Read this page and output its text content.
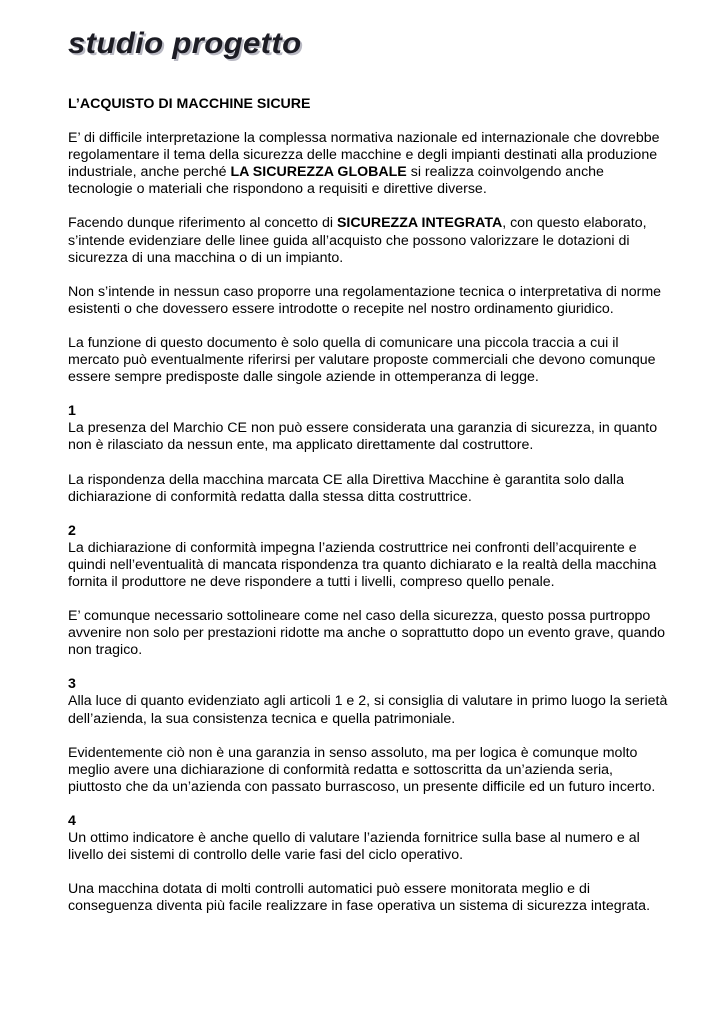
studio progetto

L’ACQUISTO DI MACCHINE SICURE

E’ di difficile interpretazione la complessa normativa nazionale ed internazionale che dovrebbe regolamentare il tema della sicurezza delle macchine e degli impianti destinati alla produzione industriale, anche perché LA SICUREZZA GLOBALE si realizza coinvolgendo anche tecnologie o materiali che rispondono a requisiti e direttive diverse.

Facendo dunque riferimento al concetto di SICUREZZA INTEGRATA, con questo elaborato, s’intende evidenziare delle linee guida all’acquisto che possono valorizzare le dotazioni di sicurezza di una macchina o di un impianto.

Non s’intende in nessun caso proporre una regolamentazione tecnica o interpretativa di norme esistenti o che dovessero essere introdotte o recepite nel nostro ordinamento giuridico.

La funzione di questo documento è solo quella di comunicare una piccola traccia a cui il mercato può eventualmente riferirsi per valutare proposte commerciali che devono comunque essere sempre predisposte dalle singole aziende in ottemperanza di legge.

1
La presenza del Marchio CE non può essere considerata una garanzia di sicurezza, in quanto non è rilasciato da nessun ente, ma applicato direttamente dal costruttore.

La rispondenza della macchina marcata CE alla Direttiva Macchine è garantita solo dalla dichiarazione di conformità redatta dalla stessa ditta costruttrice.

2
La dichiarazione di conformità impegna l’azienda costruttrice nei confronti dell’acquirente e quindi nell’eventualità di mancata rispondenza tra quanto dichiarato e la realtà della macchina fornita il produttore ne deve rispondere a tutti i livelli, compreso quello penale.

E’ comunque necessario sottolineare come nel caso della sicurezza, questo possa purtroppo avvenire non solo per prestazioni ridotte ma anche o soprattutto dopo un evento grave, quando non tragico.

3
Alla luce di quanto evidenziato agli articoli 1 e 2, si consiglia di valutare in primo luogo la serietà dell’azienda, la sua consistenza tecnica e quella patrimoniale.

Evidentemente ciò non è una garanzia in senso assoluto, ma per logica è comunque molto meglio avere una dichiarazione di conformità redatta e sottoscritta da un’azienda seria, piuttosto che da un’azienda con passato burrascoso, un presente difficile ed un futuro incerto.

4
Un ottimo indicatore è anche quello di valutare l’azienda fornitrice sulla base al numero e al livello dei sistemi di controllo delle varie fasi del ciclo operativo.

Una macchina dotata di molti controlli automatici può essere monitorata meglio e di conseguenza diventa più facile realizzare in fase operativa un sistema di sicurezza integrata.
